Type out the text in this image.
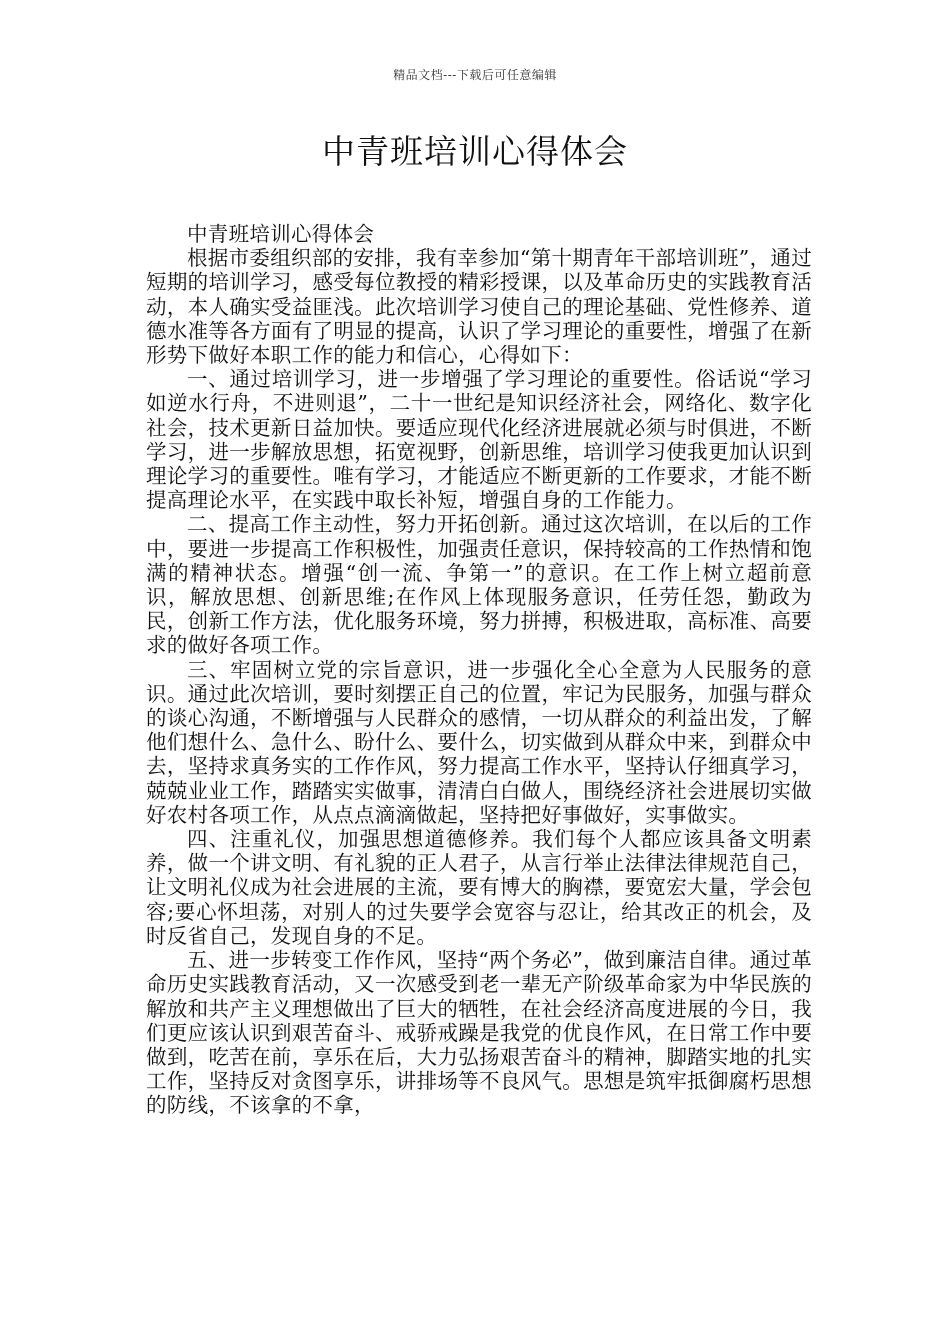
精品文档---下载后可任意编辑
中青班培训心得体会

中青班培训心得体会

根据市委组织部的安排，我有幸参加“第十期青年干部培训班”，通过短期的培训学习，感受每位教授的精彩授课，以及革命历史的实践教育活动，本人确实受益匪浅。此次培训学习使自己的理论基础、党性修养、道德水准等各方面有了明显的提高，认识了学习理论的重要性，增强了在新形势下做好本职工作的能力和信心，心得如下：

一、通过培训学习，进一步增强了学习理论的重要性。俗话说“学习如逆水行舟，不进则退”，二十一世纪是知识经济社会，网络化、数字化社会，技术更新日益加快。要适应现代化经济进展就必须与时俱进，不断学习，进一步解放思想，拓宽视野，创新思维，培训学习使我更加认识到理论学习的重要性。唯有学习，才能适应不断更新的工作要求，才能不断提高理论水平，在实践中取长补短，增强自身的工作能力。

二、提高工作主动性，努力开拓创新。通过这次培训，在以后的工作中，要进一步提高工作积极性，加强责任意识，保持较高的工作热情和饱满的精神状态。增强“创一流、争第一”的意识。在工作上树立超前意识，解放思想、创新思维;在作风上体现服务意识，任劳任怨，勤政为民，创新工作方法，优化服务环境，努力拼搏，积极进取，高标准、高要求的做好各项工作。

三、牢固树立党的宗旨意识，进一步强化全心全意为人民服务的意识。通过此次培训，要时刻摆正自己的位置，牢记为民服务，加强与群众的谈心沟通，不断增强与人民群众的感情，一切从群众的利益出发，了解他们想什么、急什么、盼什么、要什么，切实做到从群众中来，到群众中去，坚持求真务实的工作作风，努力提高工作水平，坚持认仔细真学习，兢兢业业工作，踏踏实实做事，清清白白做人，围绕经济社会进展切实做好农村各项工作，从点点滴滴做起，坚持把好事做好，实事做实。

四、注重礼仪，加强思想道德修养。我们每个人都应该具备文明素养，做一个讲文明、有礼貌的正人君子，从言行举止法律法律规范自己，让文明礼仪成为社会进展的主流，要有博大的胸襟，要宽宏大量，学会包容;要心怀坦荡，对别人的过失要学会宽容与忍让，给其改正的机会，及时反省自己，发现自身的不足。

五、进一步转变工作作风，坚持“两个务必”，做到廉洁自律。通过革命历史实践教育活动，又一次感受到老一辈无产阶级革命家为中华民族的解放和共产主义理想做出了巨大的牺牲，在社会经济高度进展的今日，我们更应该认识到艰苦奋斗、戒骄戒躁是我党的优良作风，在日常工作中要做到，吃苦在前，享乐在后，大力弘扬艰苦奋斗的精神，脚踏实地的扎实工作，坚持反对贪图享乐，讲排场等不良风气。思想是筑牢抵御腐朽思想的防线，不该拿的不拿，
